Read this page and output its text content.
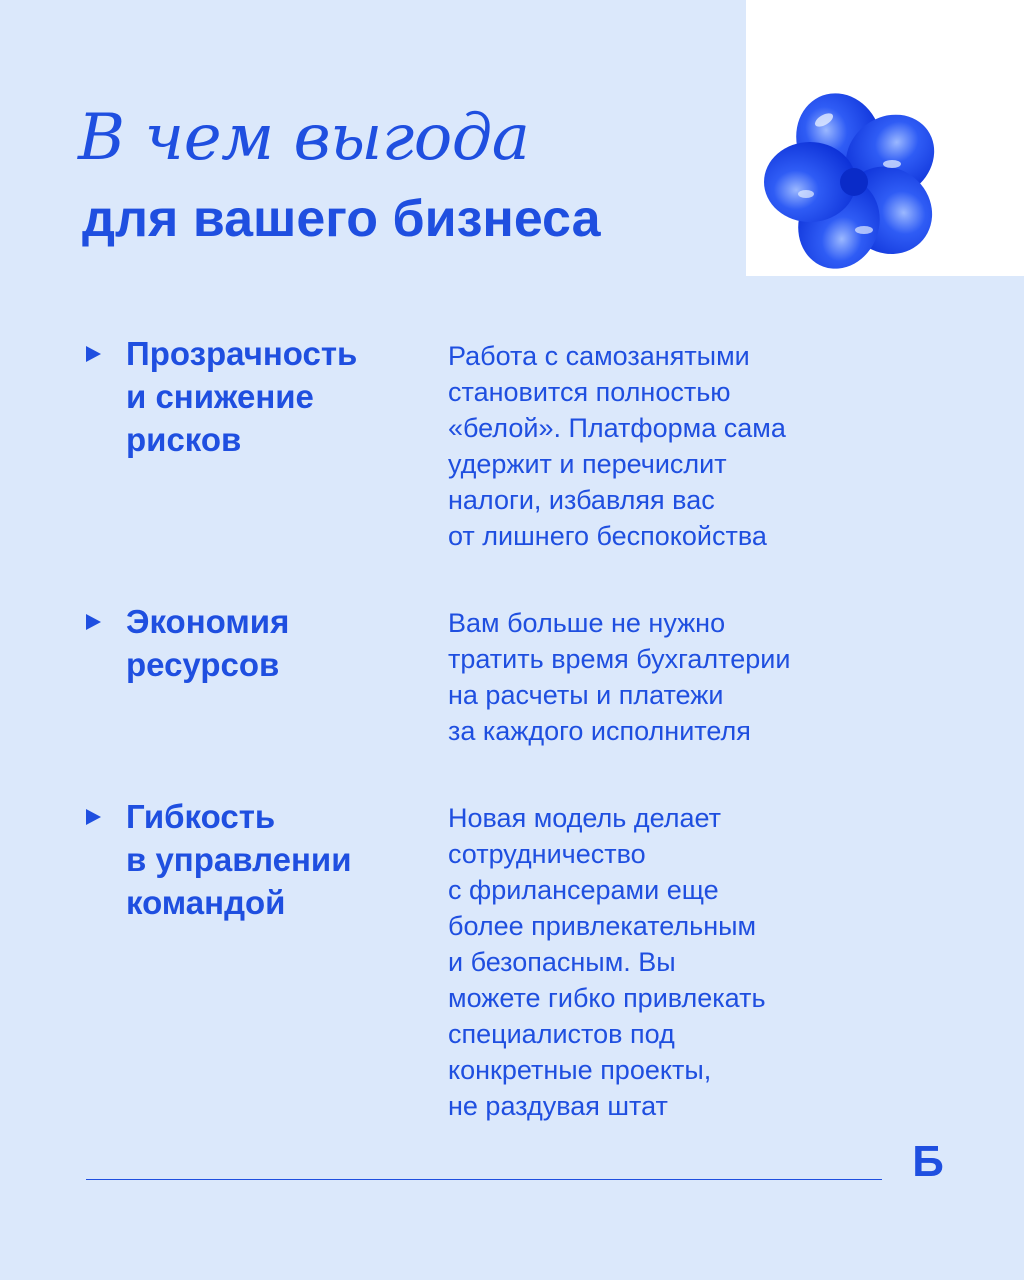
В чем выгода
для вашего бизнеса
Прозрачность
и снижение
рисков
Работа с самозанятыми
становится полностью
«белой». Платформа сама
удержит и перечислит
налоги, избавляя вас
от лишнего беспокойства
Экономия
ресурсов
Вам больше не нужно
тратить время бухгалтерии
на расчеты и платежи
за каждого исполнителя
Гибкость
в управлении
командой
Новая модель делает
сотрудничество
с фрилансерами еще
более привлекательным
и безопасным. Вы
можете гибко привлекать
специалистов под
конкретные проекты,
не раздувая штат
Б
